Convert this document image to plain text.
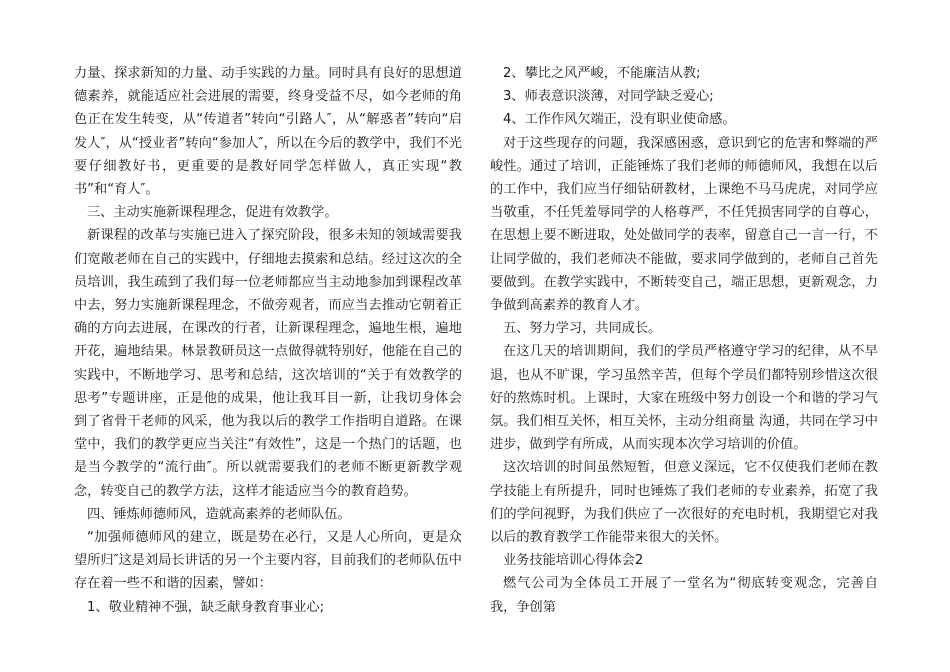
力量、探求新知的力量、动手实践的力量。同时具有良好的思想道德素养，就能适应社会进展的需要，终身受益不尽，如今老师的角色正在发生转变，从“传道者”转向“引路人″，从“解惑者”转向“启发人″，从“授业者”转向“参加人″，所以在今后的教学中，我们不光要仔细教好书，更重要的是教好同学怎样做人，真正实现“教书”和“育人″。

三、主动实施新课程理念，促进有效教学。

新课程的改革与实施已进入了探究阶段，很多未知的领域需要我们宽敞老师在自己的实践中，仔细地去摸索和总结。经过这次的全员培训，我生疏到了我们每一位老师都应当主动地参加到课程改革中去，努力实施新课程理念，不做旁观者，而应当去推动它朝着正确的方向去进展，在课改的行者，让新课程理念，遍地生根，遍地开花，遍地结果。林景教研员这一点做得就特别好，他能在自己的实践中，不断地学习、思考和总结，这次培训的“关于有效教学的思考”专题讲座，正是他的成果，他让我耳目一新，让我切身体会到了省骨干老师的风采，他为我以后的教学工作指明自道路。在课堂中，我们的教学更应当关注“有效性”，这是一个热门的话题，也是当今教学的“流行曲″。所以就需要我们的老师不断更新教学观念，转变自己的教学方法，这样才能适应当今的教育趋势。

四、锤炼师德师风，造就高素养的老师队伍。

“加强师德师风的建立，既是势在必行，又是人心所向，更是众望所归″这是刘局长讲话的另一个主要内容，目前我们的老师队伍中存在着一些不和谐的因素，譬如：

1、敬业精神不强，缺乏献身教育事业心;

2、攀比之风严峻，不能廉洁从教;

3、师表意识淡薄，对同学缺乏爱心;

4、工作作风欠端正，没有职业使命感。

对于这些现存的问题，我深感困惑，意识到它的危害和弊端的严峻性。通过了培训，正能锤炼了我们老师的师德师风，我想在以后的工作中，我们应当仔细钻研教材，上课绝不马马虎虎，对同学应当敬重，不任凭羞辱同学的人格尊严，不任凭损害同学的自尊心，在思想上要不断进取，处处做同学的表率，留意自己一言一行，不让同学做的，我们老师决不能做，要求同学做到的，老师自己首先要做到。在教学实践中，不断转变自己，端正思想，更新观念，力争做到高素养的教育人才。

五、努力学习，共同成长。

在这几天的培训期间，我们的学员严格遵守学习的纪律，从不早退，也从不旷课，学习虽然辛苦，但每个学员们都特别珍惜这次很好的熬炼时机。上课时，大家在班级中努力创设一个和谐的学习气氛。我们相互关怀，相互关怀，主动分组商量 沟通，共同在学习中进步，做到学有所成，从而实现本次学习培训的价值。

这次培训的时间虽然短暂，但意义深远，它不仅使我们老师在教学技能上有所提升，同时也锤炼了我们老师的专业素养，拓宽了我们的学问视野，为我们供应了一次很好的充电时机，我期望它对我以后的教育教学工作能带来很大的关怀。

业务技能培训心得体会2

燃气公司为全体员工开展了一堂名为“彻底转变观念，完善自我，争创第
